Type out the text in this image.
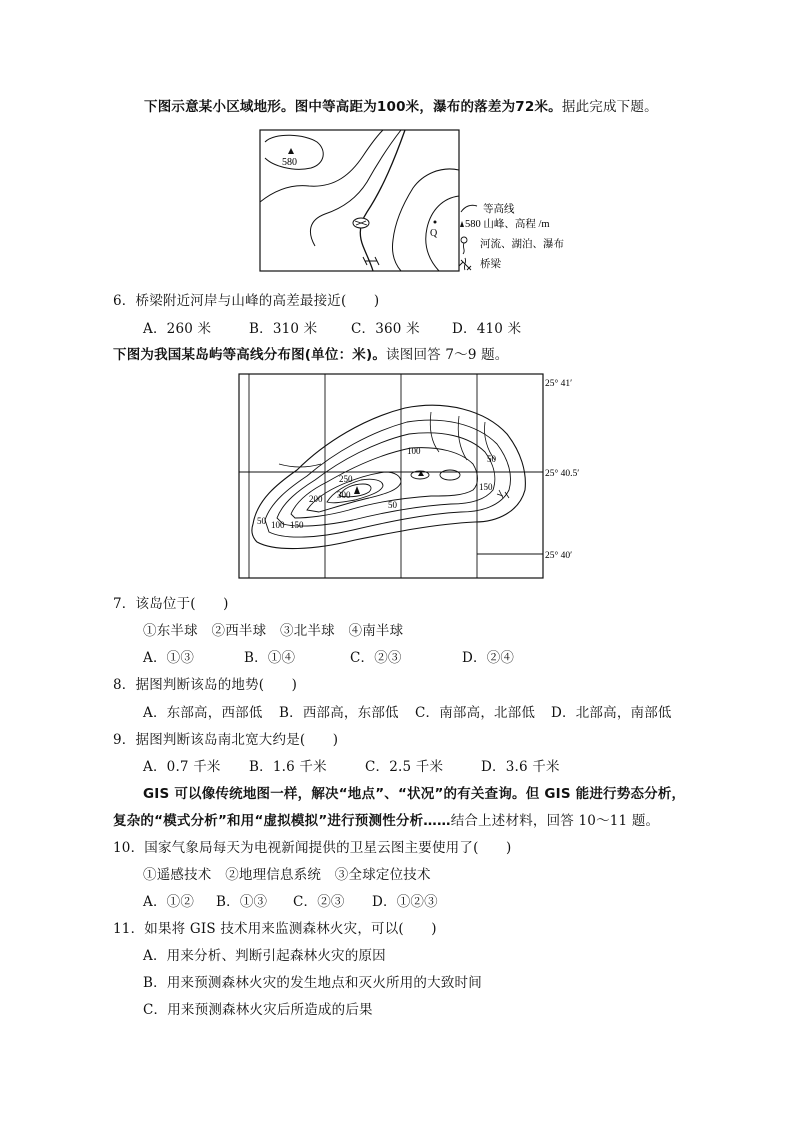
下图示意某小区域地形。图中等高距为100米，瀑布的落差为72米。据此完成下题。
580
Q
等高线
580 山峰、高程 /m
河流、湖泊、瀑布
桥梁
6．桥梁附近河岸与山峰的高差最接近(　　)
A．260 米	B．310 米 C．360 米 D．410 米
下图为我国某岛屿等高线分布图(单位：米)。读图回答 7～9 题。
100
50
250
300
200
150
50
100 150
50
25° 41′
25° 40.5′
25° 40′
7．该岛位于(　　)
①东半球　②西半球　③北半球　④南半球
A．①③	B．①④	C．②③	D．②④
8．据图判断该岛的地势(　　)
A．东部高，西部低 B．西部高，东部低 C．南部高，北部低 D．北部高，南部低
9．据图判断该岛南北宽大约是(　　)
A．0.7 千米 B．1.6 千米	C．2.5 千米	D．3.6 千米
GIS 可以像传统地图一样，解决“地点”、“状况”的有关查询。但 GIS 能进行势态分析，
复杂的“模式分析”和用“虚拟模拟”进行预测性分析……结合上述材料，回答 10～11 题。
10．国家气象局每天为电视新闻提供的卫星云图主要使用了(　　)
①遥感技术　②地理信息系统　③全球定位技术
A．①② B．①③ C．②③ D．①②③
11．如果将 GIS 技术用来监测森林火灾，可以(　　)
A．用来分析、判断引起森林火灾的原因
B．用来预测森林火灾的发生地点和灭火所用的大致时间
C．用来预测森林火灾后所造成的后果
